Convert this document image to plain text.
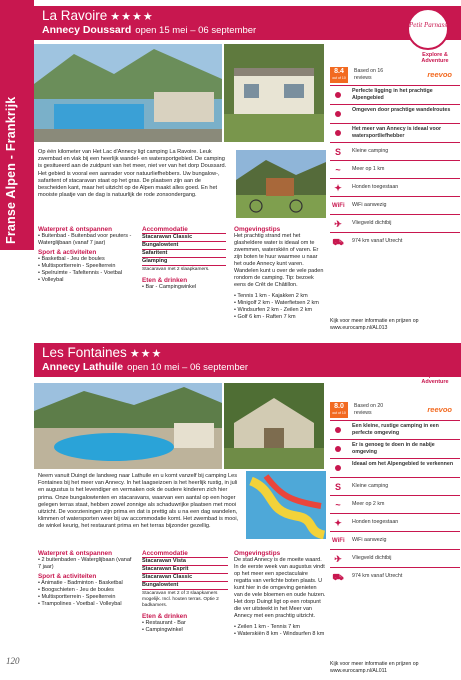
Franse Alpen - Frankrijk
120
La Ravoire ★★★★
Annecy Doussard open 15 mei – 06 september	Petit Parnass
Explore & Adventure
Op één kilometer van Het Lac d'Annecy ligt camping La Ravoire. Leuk zwembad en vlak bij een heerlijk wandel- en watersportgebied. De camping is gesitueerd aan de zuidpunt van het meer, niet ver van het dorp Doussard. Het gebied is vooral een aanrader voor natuurliefhebbers. Uw bungalow-, safaritent of stacaravan staat op het gras. De plaatsen zijn aan de bescheiden kant, maar het uitzicht op de Alpen maakt alles goed. En het mooiste plaatje van de dag is natuurlijk de rode zonsondergang.
Waterpret & ontspannen
• Buitenbad - Buitenbad voor peuters - Waterglijbaan (vanaf 7 jaar)
Sport & activiteiten
• Basketbal - Jeu de boules
• Multisportterrein - Speelterrein
• Spelruimte - Tafeltennis - Voetbal
• Volleybal
Accommodatie
Stacaravan Classic
Bungalowtent
Safaritent
Glamping
Stacaravan met 2 slaapkamers.
Eten & drinken
• Bar - Campingwinkel
Omgevingstips
Het prachtig strand met het glasheldere water is ideaal om te zwemmen, waterskiën of varen. Er zijn boten te huur waarmee u naar het oude Annecy kunt varen. Wandelen kunt u over de vele paden rondom de camping. Tip: bezoek eens de Crêt de Châtillon.
• Tennis 1 km - Kajakken 2 km
• Minigolf 2 km - Waterfietsen 2 km
• Windsurfen 2 km - Zeilen 2 km
• Golf 6 km - Raften 7 km
8.4
out of 10
Based on 16 reviews	reevoo
Perfecte ligging in het prachtige Alpengebied
Omgeven door prachtige wandelroutes
Het meer van Annecy is ideaal voor watersportliefhebber
S	Kleine camping
~	Meer op 1 km
✦	Honden toegestaan
WiFi WiFi aanwezig
✈	Vliegveld dichtbij
⛟ 974 km vanaf Utrecht
Kijk voor meer informatie en prijzen op www.eurocamp.nl/AL013
Les Fontaines ★★★
Annecy Lathuile open 10 mei – 06 september
Explore & Adventure
Neem vanuit Duingt de landweg naar Lathuile en u komt vanzelf bij camping Les Fontaines bij het meer van Annecy. In het laagseizoen is het heerlijk rustig, in juli en augustus is het levendiger en vermaken ook de oudere kinderen zich hier prima. Onze bungalowtenten en stacaravans, waarvan een aantal op een hoger gelegen terras staat, hebben zowel zonnige als schaduwrijke plaatsen met mooi uitzicht. De voorzieningen zijn prima en dat is prettig als u na een dag wandelen, klimmen of watersporten weer bij uw accommodatie komt. Het zwembad is mooi, de winkel keurig, het restaurant prima en het terras bijzonder gezellig.
Waterpret & ontspannen
• 2 buitenbaden - Waterglijbaan (vanaf 7 jaar)
Sport & activiteiten
• Animatie - Badminton - Basketbal
• Boogschieten - Jeu de boules
• Multisportterrein - Speelterrein
• Trampolines - Voetbal - Volleybal
Accommodatie
Stacaravan Vista
Stacaravan Esprit
Stacaravan Classic
Bungalowtent
Stacaravan met 2 of 3 slaapkamers mogelijk. Incl. houten terras. Optie 2 badkamers.
Eten & drinken
• Restaurant - Bar
• Campingwinkel
Omgevingstips
De stad Annecy is de moeite waard. In de eerste week van augustus vindt op het meer een spectaculaire regatta van verlichte boten plaats. U kunt hier in de omgeving genieten van de vele bloemen en oude huizen. Het dorp Duingt ligt op een rotspunt die ver uitsteekt in het Meer van Annecy met een prachtig uitzicht.
• Zeilen 1 km - Tennis 7 km
• Waterskiën 8 km - Windsurfen 8 km
8.0
out of 10
Based on 20 reviews	reevoo
Een kleine, rustige camping in een perfecte omgeving
Er is genoeg te doen in de nabije omgeving
Ideaal om het Alpengebied te verkennen
S	Kleine camping
~	Meer op 2 km
✦	Honden toegestaan
WiFi WiFi aanwezig
✈	Vliegveld dichtbij
⛟ 974 km vanaf Utrecht
Kijk voor meer informatie en prijzen op www.eurocamp.nl/AL011
